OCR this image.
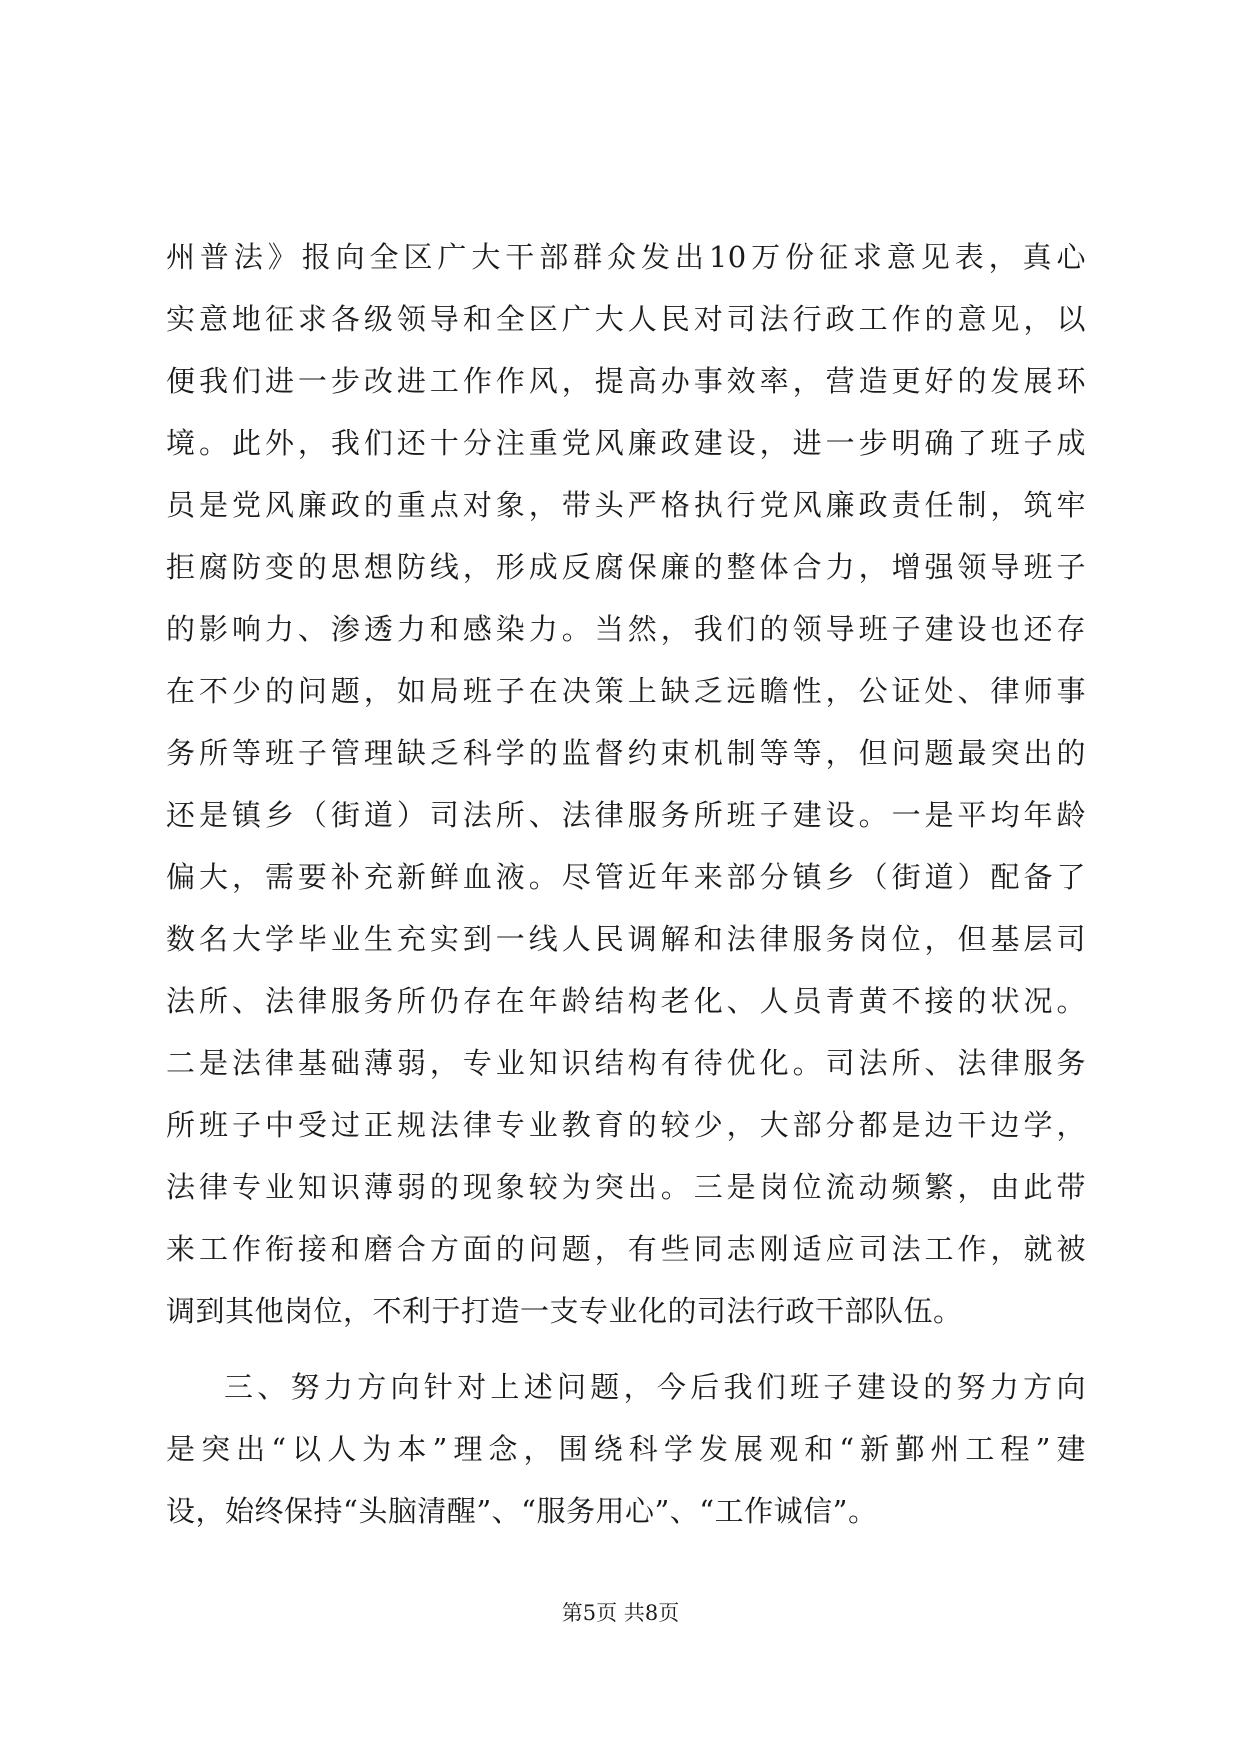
州普法》报向全区广大干部群众发出10万份征求意见表，真心
实意地征求各级领导和全区广大人民对司法行政工作的意见，以
便我们进一步改进工作作风，提高办事效率，营造更好的发展环
境。此外，我们还十分注重党风廉政建设，进一步明确了班子成
员是党风廉政的重点对象，带头严格执行党风廉政责任制，筑牢
拒腐防变的思想防线，形成反腐保廉的整体合力，增强领导班子
的影响力、渗透力和感染力。当然，我们的领导班子建设也还存
在不少的问题，如局班子在决策上缺乏远瞻性，公证处、律师事
务所等班子管理缺乏科学的监督约束机制等等，但问题最突出的
还是镇乡（街道）司法所、法律服务所班子建设。一是平均年龄
偏大，需要补充新鲜血液。尽管近年来部分镇乡（街道）配备了
数名大学毕业生充实到一线人民调解和法律服务岗位，但基层司
法所、法律服务所仍存在年龄结构老化、人员青黄不接的状况。
二是法律基础薄弱，专业知识结构有待优化。司法所、法律服务
所班子中受过正规法律专业教育的较少，大部分都是边干边学，
法律专业知识薄弱的现象较为突出。三是岗位流动频繁，由此带
来工作衔接和磨合方面的问题，有些同志刚适应司法工作，就被
调到其他岗位，不利于打造一支专业化的司法行政干部队伍。
三、努力方向针对上述问题，今后我们班子建设的努力方向
是突出“以人为本”理念，围绕科学发展观和“新鄞州工程”建
设，始终保持“头脑清醒”、“服务用心”、“工作诚信”。
第5页 共8页
